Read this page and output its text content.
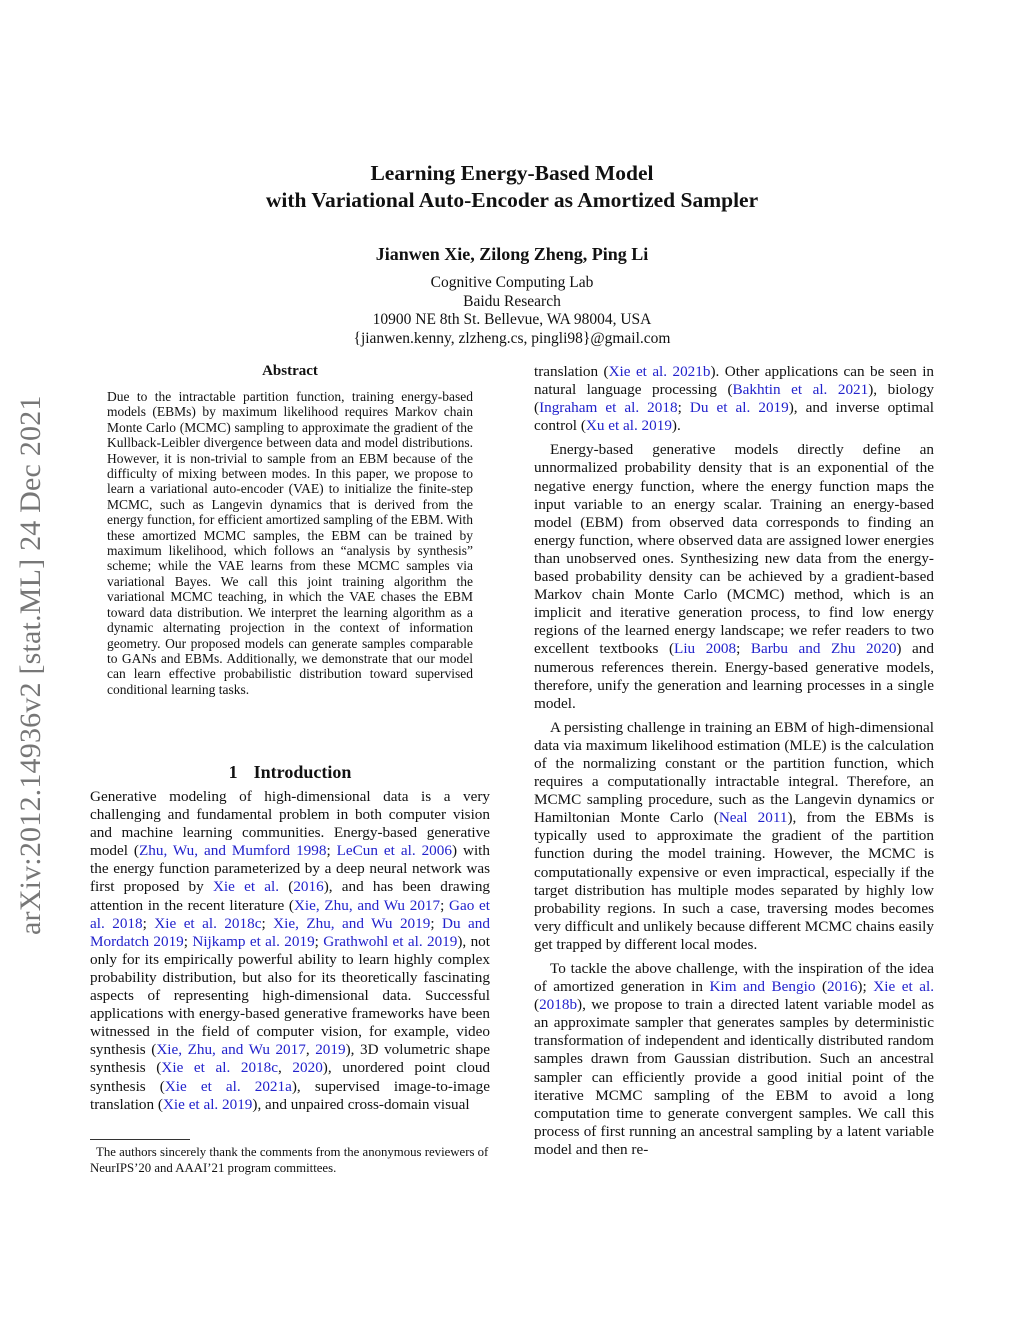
arXiv:2012.14936v2 [stat.ML] 24 Dec 2021
Learning Energy-Based Model
with Variational Auto-Encoder as Amortized Sampler
Jianwen Xie, Zilong Zheng, Ping Li
Cognitive Computing Lab
Baidu Research
10900 NE 8th St. Bellevue, WA 98004, USA
{jianwen.kenny, zlzheng.cs, pingli98}@gmail.com
Abstract

Due to the intractable partition function, training energy-based models (EBMs) by maximum likelihood requires Markov chain Monte Carlo (MCMC) sampling to approximate the gradient of the Kullback-Leibler divergence between data and model distributions. However, it is non-trivial to sample from an EBM because of the difficulty of mixing between modes. In this paper, we propose to learn a variational auto-encoder (VAE) to initialize the finite-step MCMC, such as Langevin dynamics that is derived from the energy function, for efficient amortized sampling of the EBM. With these amortized MCMC samples, the EBM can be trained by maximum likelihood, which follows an “analysis by synthesis” scheme; while the VAE learns from these MCMC samples via variational Bayes. We call this joint training algorithm the variational MCMC teaching, in which the VAE chases the EBM toward data distribution. We interpret the learning algorithm as a dynamic alternating projection in the context of information geometry. Our proposed models can generate samples comparable to GANs and EBMs. Additionally, we demonstrate that our model can learn effective probabilistic distribution toward supervised conditional learning tasks.

1 Introduction

Generative modeling of high-dimensional data is a very challenging and fundamental problem in both computer vision and machine learning communities. Energy-based generative model (Zhu, Wu, and Mumford 1998; LeCun et al. 2006) with the energy function parameterized by a deep neural network was first proposed by Xie et al. (2016), and has been drawing attention in the recent literature (Xie, Zhu, and Wu 2017; Gao et al. 2018; Xie et al. 2018c; Xie, Zhu, and Wu 2019; Du and Mordatch 2019; Nijkamp et al. 2019; Grathwohl et al. 2019), not only for its empirically powerful ability to learn highly complex probability distribution, but also for its theoretically fascinating aspects of representing high-dimensional data. Successful applications with energy-based generative frameworks have been witnessed in the field of computer vision, for example, video synthesis (Xie, Zhu, and Wu 2017, 2019), 3D volumetric shape synthesis (Xie et al. 2018c, 2020), unordered point cloud synthesis (Xie et al. 2021a), supervised image-to-image translation (Xie et al. 2019), and unpaired cross-domain visual

The authors sincerely thank the comments from the anonymous reviewers of NeurIPS’20 and AAAI’21 program committees.

translation (Xie et al. 2021b). Other applications can be seen in natural language processing (Bakhtin et al. 2021), biology (Ingraham et al. 2018; Du et al. 2019), and inverse optimal control (Xu et al. 2019).

Energy-based generative models directly define an unnormalized probability density that is an exponential of the negative energy function, where the energy function maps the input variable to an energy scalar. Training an energy-based model (EBM) from observed data corresponds to finding an energy function, where observed data are assigned lower energies than unobserved ones. Synthesizing new data from the energy-based probability density can be achieved by a gradient-based Markov chain Monte Carlo (MCMC) method, which is an implicit and iterative generation process, to find low energy regions of the learned energy landscape; we refer readers to two excellent textbooks (Liu 2008; Barbu and Zhu 2020) and numerous references therein. Energy-based generative models, therefore, unify the generation and learning processes in a single model.

A persisting challenge in training an EBM of high-dimensional data via maximum likelihood estimation (MLE) is the calculation of the normalizing constant or the partition function, which requires a computationally intractable integral. Therefore, an MCMC sampling procedure, such as the Langevin dynamics or Hamiltonian Monte Carlo (Neal 2011), from the EBMs is typically used to approximate the gradient of the partition function during the model training. However, the MCMC is computationally expensive or even impractical, especially if the target distribution has multiple modes separated by highly low probability regions. In such a case, traversing modes becomes very difficult and unlikely because different MCMC chains easily get trapped by different local modes.

To tackle the above challenge, with the inspiration of the idea of amortized generation in Kim and Bengio (2016); Xie et al. (2018b), we propose to train a directed latent variable model as an approximate sampler that generates samples by deterministic transformation of independent and identically distributed random samples drawn from Gaussian distribution. Such an ancestral sampler can efficiently provide a good initial point of the iterative MCMC sampling of the EBM to avoid a long computation time to generate convergent samples. We call this process of first running an ancestral sampling by a latent variable model and then re-
